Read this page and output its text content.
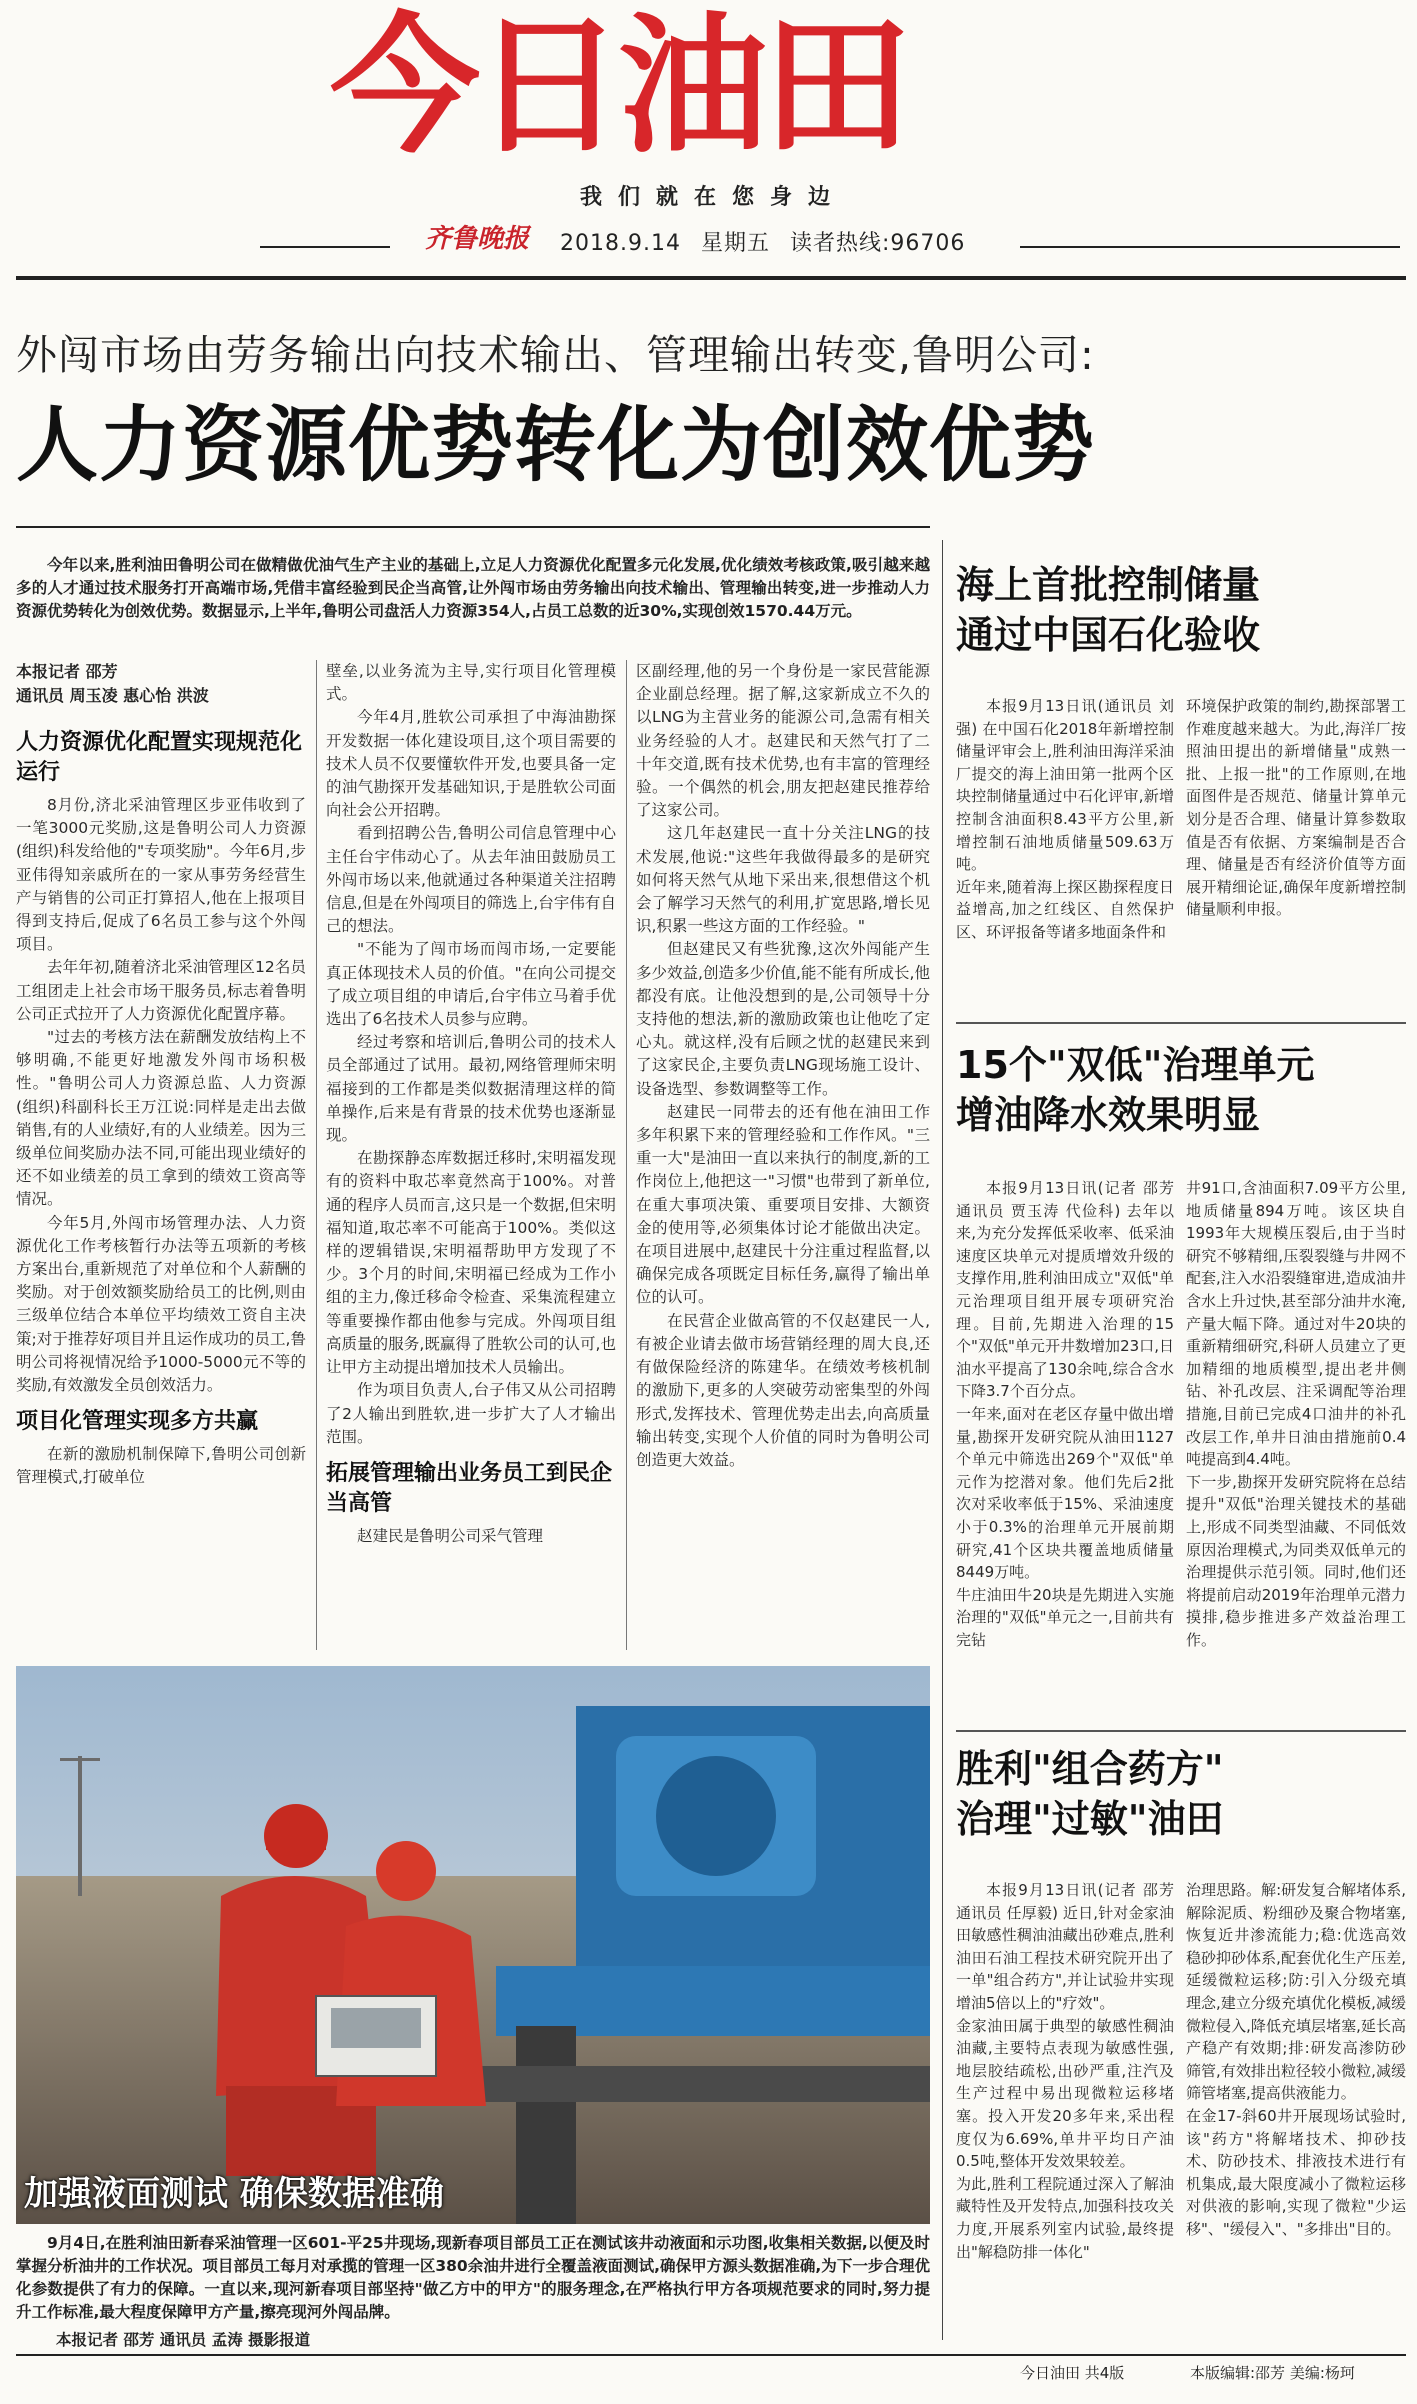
今日油田
我们就在您身边
齐鲁晚报 2018.9.14 星期五 读者热线:96706
外闯市场由劳务输出向技术输出、管理输出转变,鲁明公司:
人力资源优势转化为创效优势
今年以来,胜利油田鲁明公司在做精做优油气生产主业的基础上,立足人力资源优化配置多元化发展,优化绩效考核政策,吸引越来越多的人才通过技术服务打开高端市场,凭借丰富经验到民企当高管,让外闯市场由劳务输出向技术输出、管理输出转变,进一步推动人力资源优势转化为创效优势。数据显示,上半年,鲁明公司盘活人力资源354人,占员工总数的近30%,实现创效1570.44万元。
本报记者 邵芳
通讯员 周玉凌 惠心怡 洪波
人力资源优化配置实现规范化运行

8月份,济北采油管理区步亚伟收到了一笔3000元奖励,这是鲁明公司人力资源(组织)科发给他的"专项奖励"。今年6月,步亚伟得知亲戚所在的一家从事劳务经营生产与销售的公司正打算招人,他在上报项目得到支持后,促成了6名员工参与这个外闯项目。

去年年初,随着济北采油管理区12名员工组团走上社会市场干服务员,标志着鲁明公司正式拉开了人力资源优化配置序幕。

"过去的考核方法在薪酬发放结构上不够明确,不能更好地激发外闯市场积极性。"鲁明公司人力资源总监、人力资源(组织)科副科长王万江说:同样是走出去做销售,有的人业绩好,有的人业绩差。因为三级单位间奖励办法不同,可能出现业绩好的还不如业绩差的员工拿到的绩效工资高等情况。

今年5月,外闯市场管理办法、人力资源优化工作考核暂行办法等五项新的考核方案出台,重新规范了对单位和个人薪酬的奖励。对于创效额奖励给员工的比例,则由三级单位结合本单位平均绩效工资自主决策;对于推荐好项目并且运作成功的员工,鲁明公司将视情况给予1000-5000元不等的奖励,有效激发全员创效活力。

项目化管理实现多方共赢

在新的激励机制保障下,鲁明公司创新管理模式,打破单位

壁垒,以业务流为主导,实行项目化管理模式。

今年4月,胜软公司承担了中海油勘探开发数据一体化建设项目,这个项目需要的技术人员不仅要懂软件开发,也要具备一定的油气勘探开发基础知识,于是胜软公司面向社会公开招聘。

看到招聘公告,鲁明公司信息管理中心主任台宇伟动心了。从去年油田鼓励员工外闯市场以来,他就通过各种渠道关注招聘信息,但是在外闯项目的筛选上,台宇伟有自己的想法。

"不能为了闯市场而闯市场,一定要能真正体现技术人员的价值。"在向公司提交了成立项目组的申请后,台宇伟立马着手优选出了6名技术人员参与应聘。

经过考察和培训后,鲁明公司的技术人员全部通过了试用。最初,网络管理师宋明福接到的工作都是类似数据清理这样的简单操作,后来是有背景的技术优势也逐渐显现。

在勘探静态库数据迁移时,宋明福发现有的资料中取芯率竟然高于100%。对普通的程序人员而言,这只是一个数据,但宋明福知道,取芯率不可能高于100%。类似这样的逻辑错误,宋明福帮助甲方发现了不少。3个月的时间,宋明福已经成为工作小组的主力,像迁移命令检查、采集流程建立等重要操作都由他参与完成。外闯项目组高质量的服务,既赢得了胜软公司的认可,也让甲方主动提出增加技术人员输出。

作为项目负责人,台子伟又从公司招聘了2人输出到胜软,进一步扩大了人才输出范围。

拓展管理输出业务员工到民企当高管

赵建民是鲁明公司采气管理

区副经理,他的另一个身份是一家民营能源企业副总经理。据了解,这家新成立不久的以LNG为主营业务的能源公司,急需有相关业务经验的人才。赵建民和天然气打了二十年交道,既有技术优势,也有丰富的管理经验。一个偶然的机会,朋友把赵建民推荐给了这家公司。

这几年赵建民一直十分关注LNG的技术发展,他说:"这些年我做得最多的是研究如何将天然气从地下采出来,很想借这个机会了解学习天然气的利用,扩宽思路,增长见识,积累一些这方面的工作经验。"

但赵建民又有些犹豫,这次外闯能产生多少效益,创造多少价值,能不能有所成长,他都没有底。让他没想到的是,公司领导十分支持他的想法,新的激励政策也让他吃了定心丸。就这样,没有后顾之忧的赵建民来到了这家民企,主要负责LNG现场施工设计、设备选型、参数调整等工作。

赵建民一同带去的还有他在油田工作多年积累下来的管理经验和工作作风。"三重一大"是油田一直以来执行的制度,新的工作岗位上,他把这一"习惯"也带到了新单位,在重大事项决策、重要项目安排、大额资金的使用等,必须集体讨论才能做出决定。在项目进展中,赵建民十分注重过程监督,以确保完成各项既定目标任务,赢得了输出单位的认可。

在民营企业做高管的不仅赵建民一人,有被企业请去做市场营销经理的周大良,还有做保险经济的陈建华。在绩效考核机制的激励下,更多的人突破劳动密集型的外闯形式,发挥技术、管理优势走出去,向高质量输出转变,实现个人价值的同时为鲁明公司创造更大效益。

海上首批控制储量
通过中国石化验收

本报9月13日讯(通讯员 刘强) 在中国石化2018年新增控制储量评审会上,胜利油田海洋采油厂提交的海上油田第一批两个区块控制储量通过中石化评审,新增控制含油面积8.43平方公里,新增控制石油地质储量509.63万吨。
近年来,随着海上探区勘探程度日益增高,加之红线区、自然保护区、环评报备等诸多地面条件和

环境保护政策的制约,勘探部署工作难度越来越大。为此,海洋厂按照油田提出的新增储量"成熟一批、上报一批"的工作原则,在地面图件是否规范、储量计算单元划分是否合理、储量计算参数取值是否有依据、方案编制是否合理、储量是否有经济价值等方面展开精细论证,确保年度新增控制储量顺利申报。

15个"双低"治理单元
增油降水效果明显

本报9月13日讯(记者 邵芳 通讯员 贾玉涛 代俭科) 去年以来,为充分发挥低采收率、低采油速度区块单元对提质增效升级的支撑作用,胜利油田成立"双低"单元治理项目组开展专项研究治理。目前,先期进入治理的15个"双低"单元开井数增加23口,日油水平提高了130余吨,综合含水下降3.7个百分点。
一年来,面对在老区存量中做出增量,勘探开发研究院从油田1127个单元中筛选出269个"双低"单元作为挖潜对象。他们先后2批次对采收率低于15%、采油速度小于0.3%的治理单元开展前期研究,41个区块共覆盖地质储量8449万吨。
牛庄油田牛20块是先期进入实施治理的"双低"单元之一,目前共有完钻

井91口,含油面积7.09平方公里,地质储量894万吨。该区块自1993年大规模压裂后,由于当时研究不够精细,压裂裂缝与井网不配套,注入水沿裂缝窜进,造成油井含水上升过快,甚至部分油井水淹,产量大幅下降。通过对牛20块的重新精细研究,科研人员建立了更加精细的地质模型,提出老井侧钻、补孔改层、注采调配等治理措施,目前已完成4口油井的补孔改层工作,单井日油由措施前0.4吨提高到4.4吨。
下一步,勘探开发研究院将在总结提升"双低"治理关键技术的基础上,形成不同类型油藏、不同低效原因治理模式,为同类双低单元的治理提供示范引领。同时,他们还将提前启动2019年治理单元潜力摸排,稳步推进多产效益治理工作。

胜利"组合药方"
治理"过敏"油田

本报9月13日讯(记者 邵芳 通讯员 任厚毅) 近日,针对金家油田敏感性稠油油藏出砂难点,胜利油田石油工程技术研究院开出了一单"组合药方",并让试验井实现增油5倍以上的"疗效"。
金家油田属于典型的敏感性稠油油藏,主要特点表现为敏感性强,地层胶结疏松,出砂严重,注汽及生产过程中易出现微粒运移堵塞。投入开发20多年来,采出程度仅为6.69%,单井平均日产油0.5吨,整体开发效果较差。
为此,胜利工程院通过深入了解油藏特性及开发特点,加强科技攻关力度,开展系列室内试验,最终提出"解稳防排一体化"

治理思路。解:研发复合解堵体系,解除泥质、粉细砂及聚合物堵塞,恢复近井渗流能力;稳:优选高效稳砂抑砂体系,配套优化生产压差,延缓微粒运移;防:引入分级充填理念,建立分级充填优化模板,减缓微粒侵入,降低充填层堵塞,延长高产稳产有效期;排:研发高渗防砂筛管,有效排出粒径较小微粒,减缓筛管堵塞,提高供液能力。
在金17-斜60井开展现场试验时,该"药方"将解堵技术、抑砂技术、防砂技术、排液技术进行有机集成,最大限度减小了微粒运移对供液的影响,实现了微粒"少运移"、"缓侵入"、"多排出"目的。

加强液面测试 确保数据准确
9月4日,在胜利油田新春采油管理一区601-平25井现场,现新春项目部员工正在测试该井动液面和示功图,收集相关数据,以便及时掌握分析油井的工作状况。项目部员工每月对承揽的管理一区380余油井进行全覆盖液面测试,确保甲方源头数据准确,为下一步合理优化参数提供了有力的保障。一直以来,现河新春项目部坚持"做乙方中的甲方"的服务理念,在严格执行甲方各项规范要求的同时,努力提升工作标准,最大程度保障甲方产量,擦亮现河外闯品牌。
本报记者 邵芳 通讯员 孟涛 摄影报道
今日油田 共4版	本版编辑:邵芳 美编:杨珂
